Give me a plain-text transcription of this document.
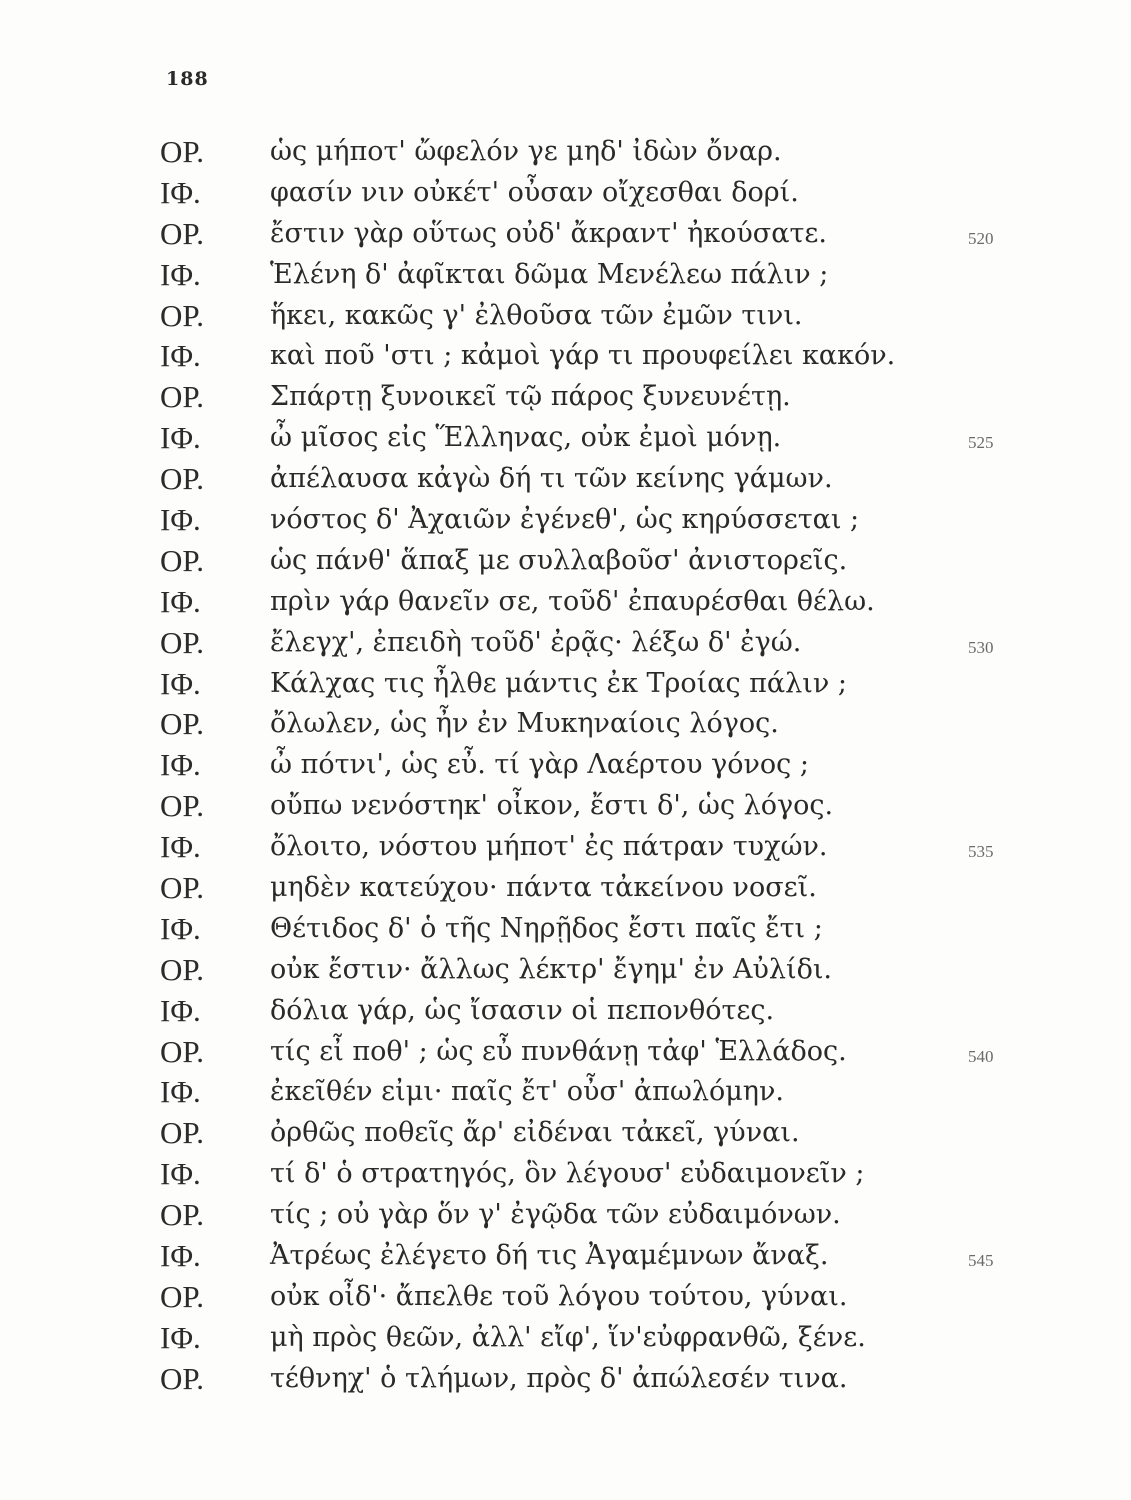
188
ΟΡ.	ὡς μήποτ' ὤφελόν γε μηδ' ἰδὼν ὄναρ.
ΙΦ.	φασίν νιν οὐκέτ' οὖσαν οἴχεσθαι δορί.
ΟΡ.	ἔστιν γὰρ οὕτως οὐδ' ἄκραντ' ἠκούσατε.	520
ΙΦ.	Ἑλένη δ' ἀφῖκται δῶμα Μενέλεω πάλιν ;
ΟΡ.	ἥκει, κακῶς γ' ἐλθοῦσα τῶν ἐμῶν τινι.
ΙΦ.	καὶ ποῦ 'στι ; κἀμοὶ γάρ τι προυφείλει κακόν.
ΟΡ.	Σπάρτῃ ξυνοικεῖ τῷ πάρος ξυνευνέτῃ.
ΙΦ.	ὦ μῖσος εἰς Ἕλληνας, οὐκ ἐμοὶ μόνῃ.	525
ΟΡ.	ἀπέλαυσα κἀγὼ δή τι τῶν κείνης γάμων.
ΙΦ.	νόστος δ' Ἀχαιῶν ἐγένεθ', ὡς κηρύσσεται ;
ΟΡ.	ὡς πάνθ' ἅπαξ με συλλαβοῦσ' ἀνιστορεῖς.
ΙΦ.	πρὶν γάρ θανεῖν σε, τοῦδ' ἐπαυρέσθαι θέλω.
ΟΡ.	ἔλεγχ', ἐπειδὴ τοῦδ' ἐρᾷς· λέξω δ' ἐγώ.	530
ΙΦ.	Κάλχας τις ἦλθε μάντις ἐκ Τροίας πάλιν ;
ΟΡ.	ὄλωλεν, ὡς ἦν ἐν Μυκηναίοις λόγος.
ΙΦ.	ὦ πότνι', ὡς εὖ. τί γὰρ Λαέρτου γόνος ;
ΟΡ.	οὔπω νενόστηκ' οἶκον, ἔστι δ', ὡς λόγος.
ΙΦ.	ὄλοιτο, νόστου μήποτ' ἐς πάτραν τυχών.	535
ΟΡ.	μηδὲν κατεύχου· πάντα τἀκείνου νοσεῖ.
ΙΦ.	Θέτιδος δ' ὁ τῆς Νηρῇδος ἔστι παῖς ἔτι ;
ΟΡ.	οὐκ ἔστιν· ἄλλως λέκτρ' ἔγημ' ἐν Αὐλίδι.
ΙΦ.	δόλια γάρ, ὡς ἴσασιν οἱ πεπονθότες.
ΟΡ.	τίς εἶ ποθ' ; ὡς εὖ πυνθάνῃ τἀφ' Ἑλλάδος.	540
ΙΦ.	ἐκεῖθέν εἰμι· παῖς ἔτ' οὖσ' ἀπωλόμην.
ΟΡ.	ὀρθῶς ποθεῖς ἄρ' εἰδέναι τἀκεῖ, γύναι.
ΙΦ.	τί δ' ὁ στρατηγός, ὃν λέγουσ' εὐδαιμονεῖν ;
ΟΡ.	τίς ; οὐ γὰρ ὅν γ' ἐγῷδα τῶν εὐδαιμόνων.
ΙΦ.	Ἀτρέως ἐλέγετο δή τις Ἀγαμέμνων ἄναξ.	545
ΟΡ.	οὐκ οἶδ'· ἄπελθε τοῦ λόγου τούτου, γύναι.
ΙΦ.	μὴ πρὸς θεῶν, ἀλλ' εἴφ', ἵν'εὐφρανθῶ, ξένε.
ΟΡ.	τέθνηχ' ὁ τλήμων, πρὸς δ' ἀπώλεσέν τινα.
